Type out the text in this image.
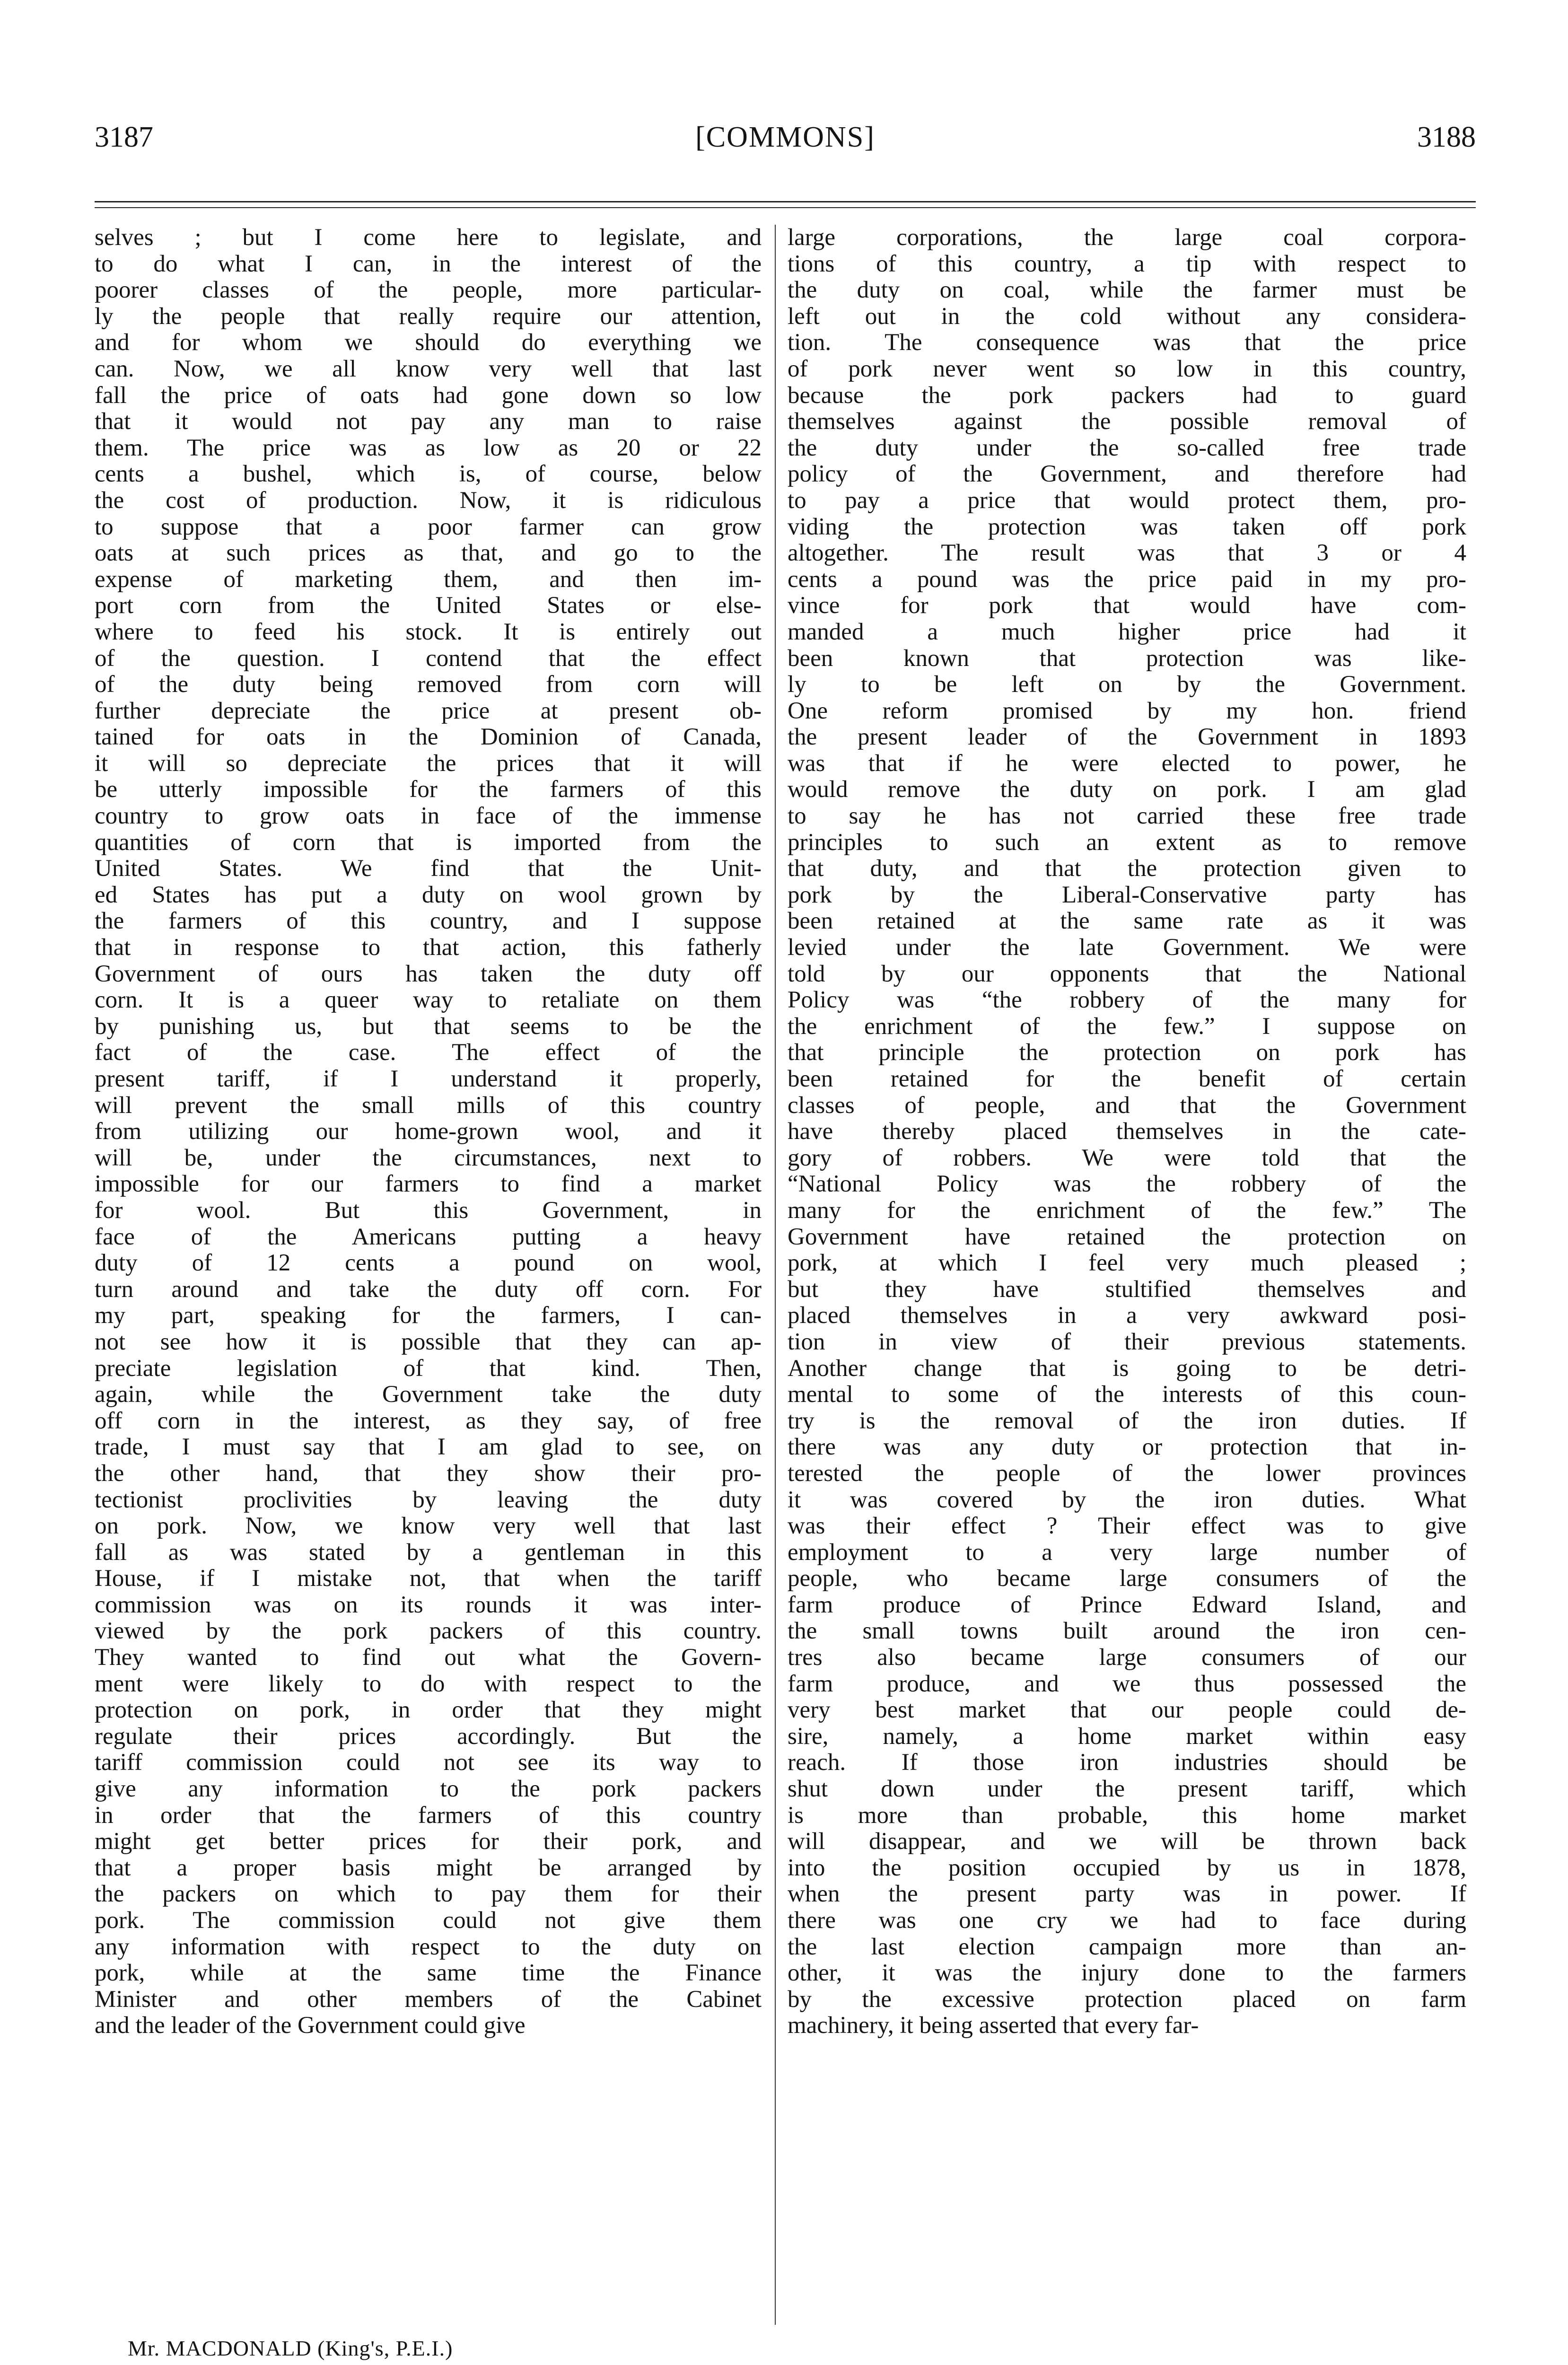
3187	[COMMONS]	3188

selves ; but I come here to legislate, and

to do what I can, in the interest of the

poorer classes of the people, more particular-

ly the people that really require our attention,

and for whom we should do everything we

can. Now, we all know very well that last

fall the price of oats had gone down so low

that it would not pay any man to raise

them. The price was as low as 20 or 22

cents a bushel, which is, of course, below

the cost of production. Now, it is ridiculous

to suppose that a poor farmer can grow

oats at such prices as that, and go to the

expense of marketing them, and then im-

port corn from the United States or else-

where to feed his stock. It is entirely out

of the question. I contend that the effect

of the duty being removed from corn will

further depreciate the price at present ob-

tained for oats in the Dominion of Canada,

it will so depreciate the prices that it will

be utterly impossible for the farmers of this

country to grow oats in face of the immense

quantities of corn that is imported from the

United States. We find that the Unit-

ed States has put a duty on wool grown by

the farmers of this country, and I suppose

that in response to that action, this fatherly

Government of ours has taken the duty off

corn. It is a queer way to retaliate on them

by punishing us, but that seems to be the

fact of the case. The effect of the

present tariff, if I understand it properly,

will prevent the small mills of this country

from utilizing our home-grown wool, and it

will be, under the circumstances, next to

impossible for our farmers to find a market

for wool. But this Government, in

face of the Americans putting a heavy

duty of 12 cents a pound on wool,

turn around and take the duty off corn. For

my part, speaking for the farmers, I can-

not see how it is possible that they can ap-

preciate legislation of that kind. Then,

again, while the Government take the duty

off corn in the interest, as they say, of free

trade, I must say that I am glad to see, on

the other hand, that they show their pro-

tectionist proclivities by leaving the duty

on pork. Now, we know very well that last

fall as was stated by a gentleman in this

House, if I mistake not, that when the tariff

commission was on its rounds it was inter-

viewed by the pork packers of this country.

They wanted to find out what the Govern-

ment were likely to do with respect to the

protection on pork, in order that they might

regulate their prices accordingly. But the

tariff commission could not see its way to

give any information to the pork packers

in order that the farmers of this country

might get better prices for their pork, and

that a proper basis might be arranged by

the packers on which to pay them for their

pork. The commission could not give them

any information with respect to the duty on

pork, while at the same time the Finance

Minister and other members of the Cabinet

and the leader of the Government could give

large corporations, the large coal corpora-

tions of this country, a tip with respect to

the duty on coal, while the farmer must be

left out in the cold without any considera-

tion. The consequence was that the price

of pork never went so low in this country,

because the pork packers had to guard

themselves against the possible removal of

the duty under the so-called free trade

policy of the Government, and therefore had

to pay a price that would protect them, pro-

viding the protection was taken off pork

altogether. The result was that 3 or 4

cents a pound was the price paid in my pro-

vince for pork that would have com-

manded a much higher price had it

been known that protection was like-

ly to be left on by the Government.

One reform promised by my hon. friend

the present leader of the Government in 1893

was that if he were elected to power, he

would remove the duty on pork. I am glad

to say he has not carried these free trade

principles to such an extent as to remove

that duty, and that the protection given to

pork by the Liberal-Conservative party has

been retained at the same rate as it was

levied under the late Government. We were

told by our opponents that the National

Policy was “the robbery of the many for

the enrichment of the few.” I suppose on

that principle the protection on pork has

been retained for the benefit of certain

classes of people, and that the Government

have thereby placed themselves in the cate-

gory of robbers. We were told that the

“National Policy was the robbery of the

many for the enrichment of the few.” The

Government have retained the protection on

pork, at which I feel very much pleased ;

but they have stultified themselves and

placed themselves in a very awkward posi-

tion in view of their previous statements.

Another change that is going to be detri-

mental to some of the interests of this coun-

try is the removal of the iron duties. If

there was any duty or protection that in-

terested the people of the lower provinces

it was covered by the iron duties. What

was their effect ? Their effect was to give

employment to a very large number of

people, who became large consumers of the

farm produce of Prince Edward Island, and

the small towns built around the iron cen-

tres also became large consumers of our

farm produce, and we thus possessed the

very best market that our people could de-

sire, namely, a home market within easy

reach. If those iron industries should be

shut down under the present tariff, which

is more than probable, this home market

will disappear, and we will be thrown back

into the position occupied by us in 1878,

when the present party was in power. If

there was one cry we had to face during

the last election campaign more than an-

other, it was the injury done to the farmers

by the excessive protection placed on farm

machinery, it being asserted that every far-

Mr. MACDONALD (King's, P.E.I.)
